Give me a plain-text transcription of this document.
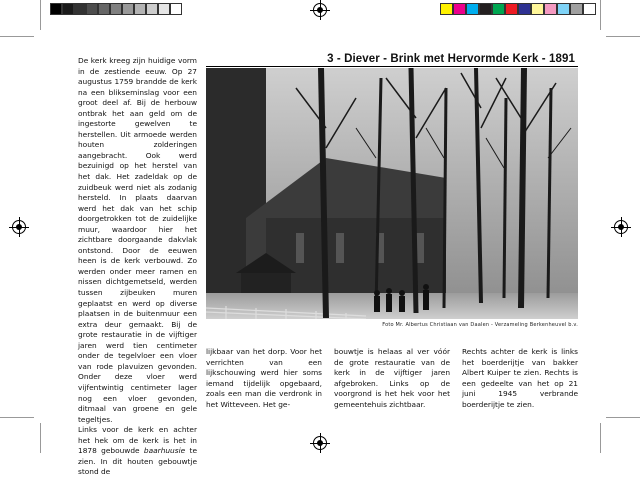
3 - Diever - Brink met Hervormde Kerk - 1891

De kerk kreeg zijn huidige vorm in de zestiende eeuw. Op 27 augustus 1759 brandde de kerk na een blikseminslag voor een groot deel af. Bij de herbouw ontbrak het aan geld om de ingestorte gewelven te herstellen. Uit armoede werden houten zolderingen aangebracht. Ook werd bezuinigd op het herstel van het dak. Het zadeldak op de zuidbeuk werd niet als zodanig hersteld. In plaats daarvan werd het dak van het schip doorgetrokken tot de zuidelijke muur, waardoor hier het zichtbare doorgaande dakvlak ontstond. Door de eeuwen heen is de kerk verbouwd. Zo werden onder meer ramen en nissen dichtgemetseld, werden tussen zijbeuken muren geplaatst en werd op diverse plaatsen in de buitenmuur een extra deur gemaakt. Bij de grote restauratie in de vijftiger jaren werd tien centimeter onder de tegelvloer een vloer van rode plavuizen gevonden. Onder deze vloer werd vijfentwintig centimeter lager nog een vloer gevonden, ditmaal van groene en gele tegeltjes.

Links voor de kerk en achter het hek om de kerk is het in 1878 gebouwde baarhuusie te zien. In dit houten gebouwtje stond de

Foto Mr. Albertus Christiaan van Daalen - Verzameling Berkenheuvel b.v.

lijkbaar van het dorp. Voor het verrichten van een lijkschouwing werd hier soms iemand tijdelijk opgebaard, zoals een man die verdronk in het Witteveen. Het ge-

bouwtje is helaas al ver vóór de grote restauratie van de kerk in de vijftiger jaren afgebroken. Links op de voorgrond is het hek voor het gemeentehuis zichtbaar.

Rechts achter de kerk is links het boerderijtje van bakker Albert Kuiper te zien. Rechts is een gedeelte van het op 21 juni 1945 verbrande boerderijtje te zien.
